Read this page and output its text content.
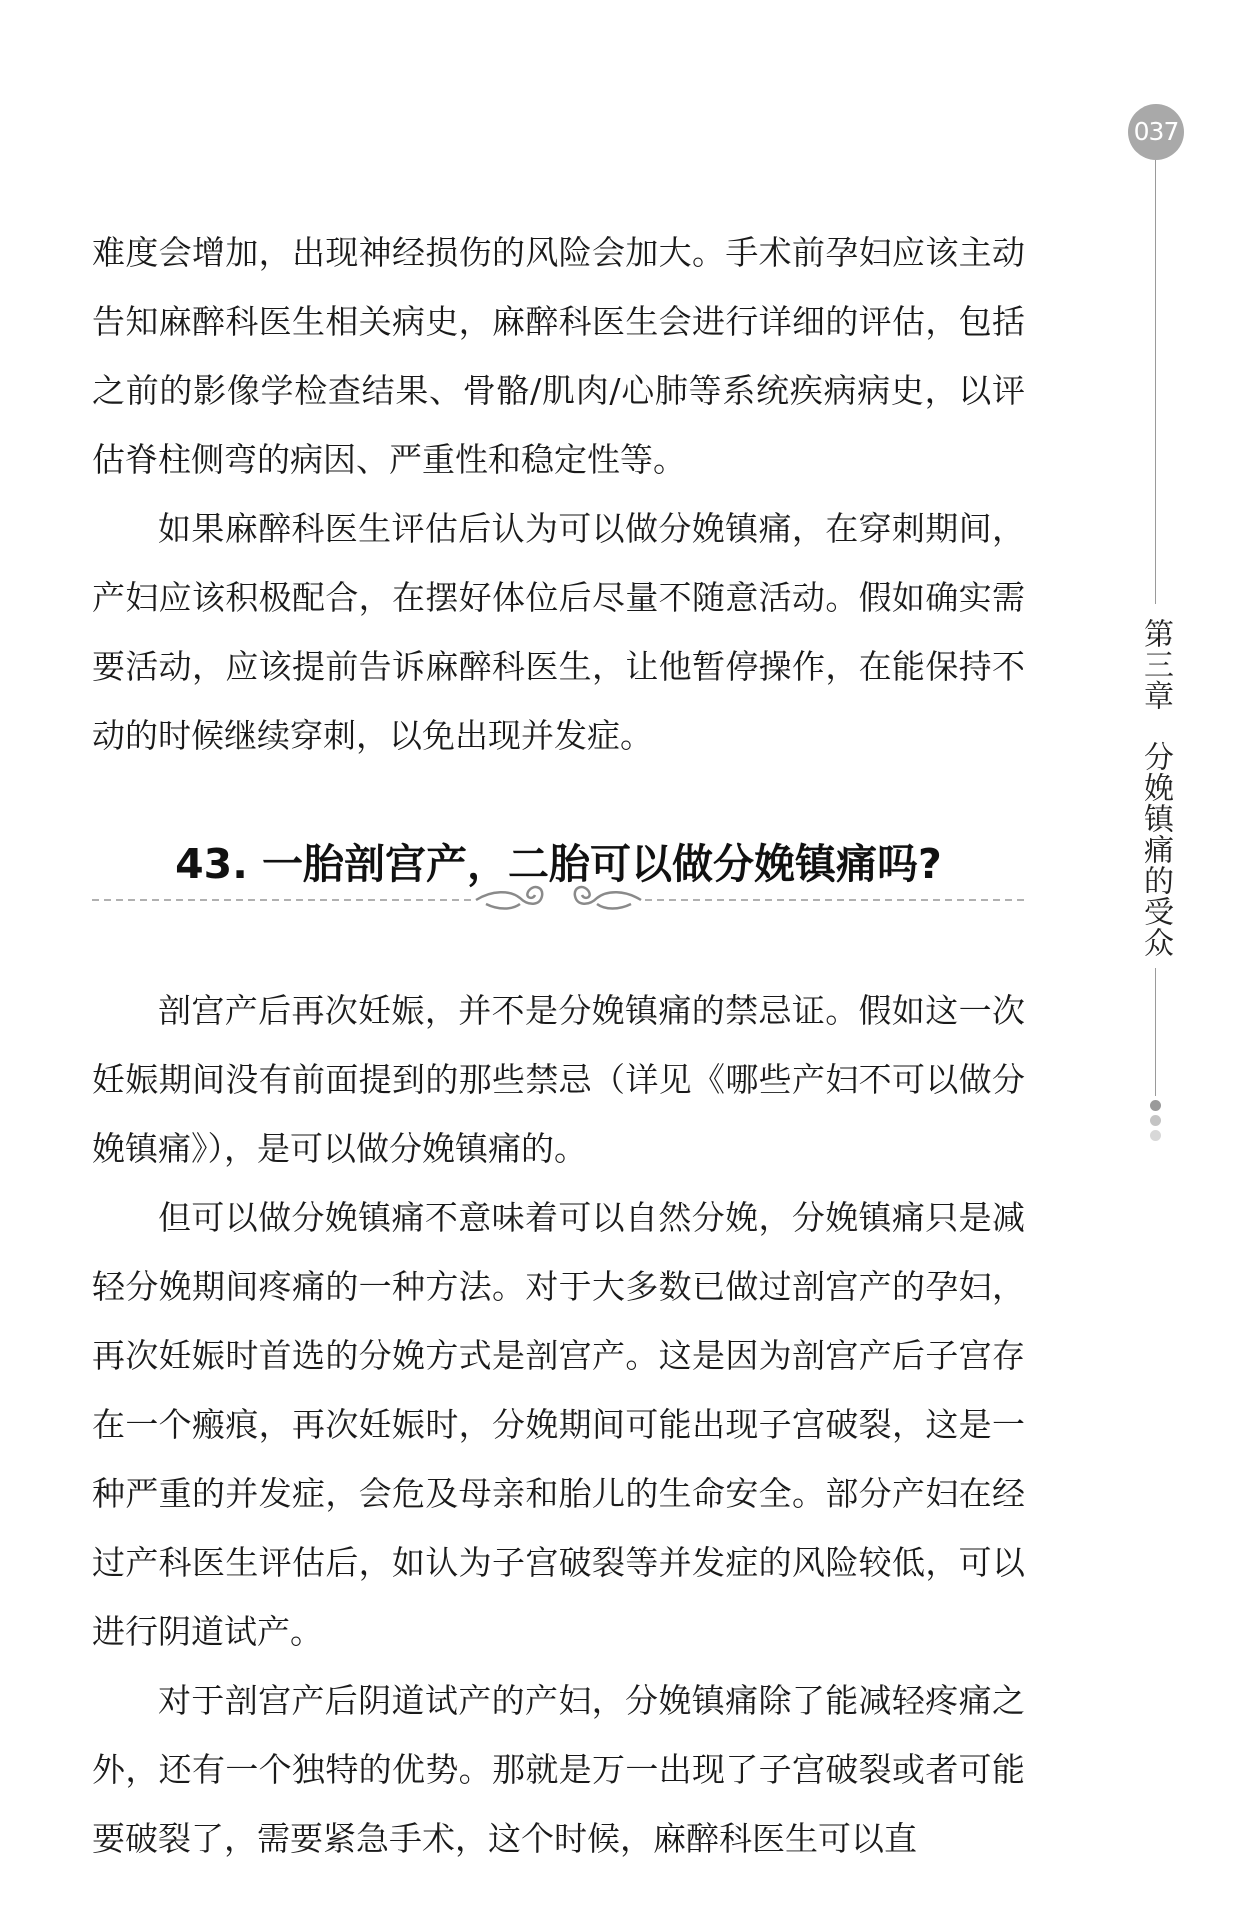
037
第三章分娩镇痛的受众

难度会增加，出现神经损伤的风险会加大。手术前孕妇应该主动告知麻醉科医生相关病史，麻醉科医生会进行详细的评估，包括之前的影像学检查结果、骨骼/肌肉/心肺等系统疾病病史，以评估脊柱侧弯的病因、严重性和稳定性等。

如果麻醉科医生评估后认为可以做分娩镇痛，在穿刺期间，产妇应该积极配合，在摆好体位后尽量不随意活动。假如确实需要活动，应该提前告诉麻醉科医生，让他暂停操作，在能保持不动的时候继续穿刺，以免出现并发症。

43. 一胎剖宫产，二胎可以做分娩镇痛吗?

剖宫产后再次妊娠，并不是分娩镇痛的禁忌证。假如这一次妊娠期间没有前面提到的那些禁忌（详见《哪些产妇不可以做分娩镇痛》），是可以做分娩镇痛的。

但可以做分娩镇痛不意味着可以自然分娩，分娩镇痛只是减轻分娩期间疼痛的一种方法。对于大多数已做过剖宫产的孕妇，再次妊娠时首选的分娩方式是剖宫产。这是因为剖宫产后子宫存在一个瘢痕，再次妊娠时，分娩期间可能出现子宫破裂，这是一种严重的并发症，会危及母亲和胎儿的生命安全。部分产妇在经过产科医生评估后，如认为子宫破裂等并发症的风险较低，可以进行阴道试产。

对于剖宫产后阴道试产的产妇，分娩镇痛除了能减轻疼痛之外，还有一个独特的优势。那就是万一出现了子宫破裂或者可能要破裂了，需要紧急手术，这个时候，麻醉科医生可以直
